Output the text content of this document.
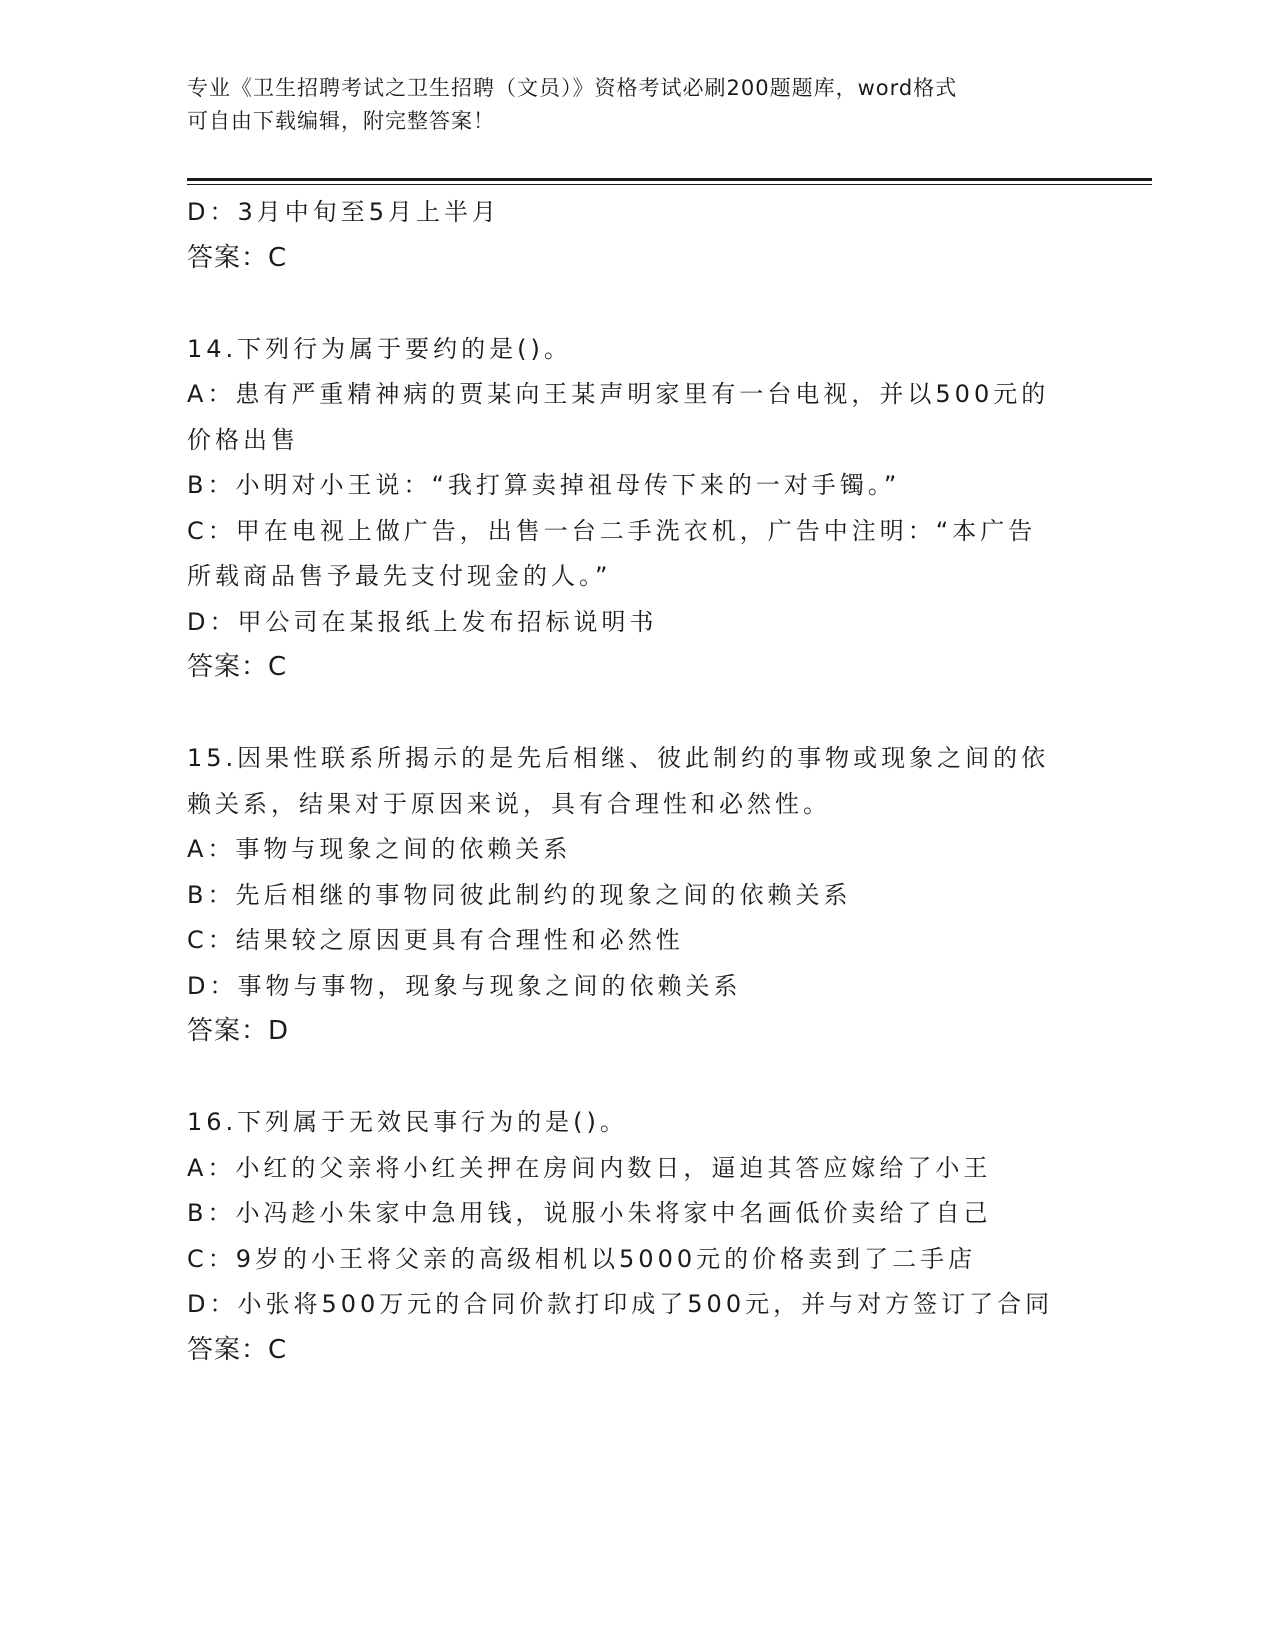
专业《卫生招聘考试之卫生招聘（文员）》资格考试必刷200题题库，word格式
可自由下载编辑，附完整答案！
D：3月中旬至5月上半月
答案：C
14.下列行为属于要约的是()。
A：患有严重精神病的贾某向王某声明家里有一台电视，并以500元的
价格出售
B：小明对小王说：“我打算卖掉祖母传下来的一对手镯。”
C：甲在电视上做广告，出售一台二手洗衣机，广告中注明：“本广告
所载商品售予最先支付现金的人。”
D：甲公司在某报纸上发布招标说明书
答案：C
15.因果性联系所揭示的是先后相继、彼此制约的事物或现象之间的依
赖关系，结果对于原因来说，具有合理性和必然性。
A：事物与现象之间的依赖关系
B：先后相继的事物同彼此制约的现象之间的依赖关系
C：结果较之原因更具有合理性和必然性
D：事物与事物，现象与现象之间的依赖关系
答案：D
16.下列属于无效民事行为的是()。
A：小红的父亲将小红关押在房间内数日，逼迫其答应嫁给了小王
B：小冯趁小朱家中急用钱，说服小朱将家中名画低价卖给了自己
C：9岁的小王将父亲的高级相机以5000元的价格卖到了二手店
D：小张将500万元的合同价款打印成了500元，并与对方签订了合同
答案：C
